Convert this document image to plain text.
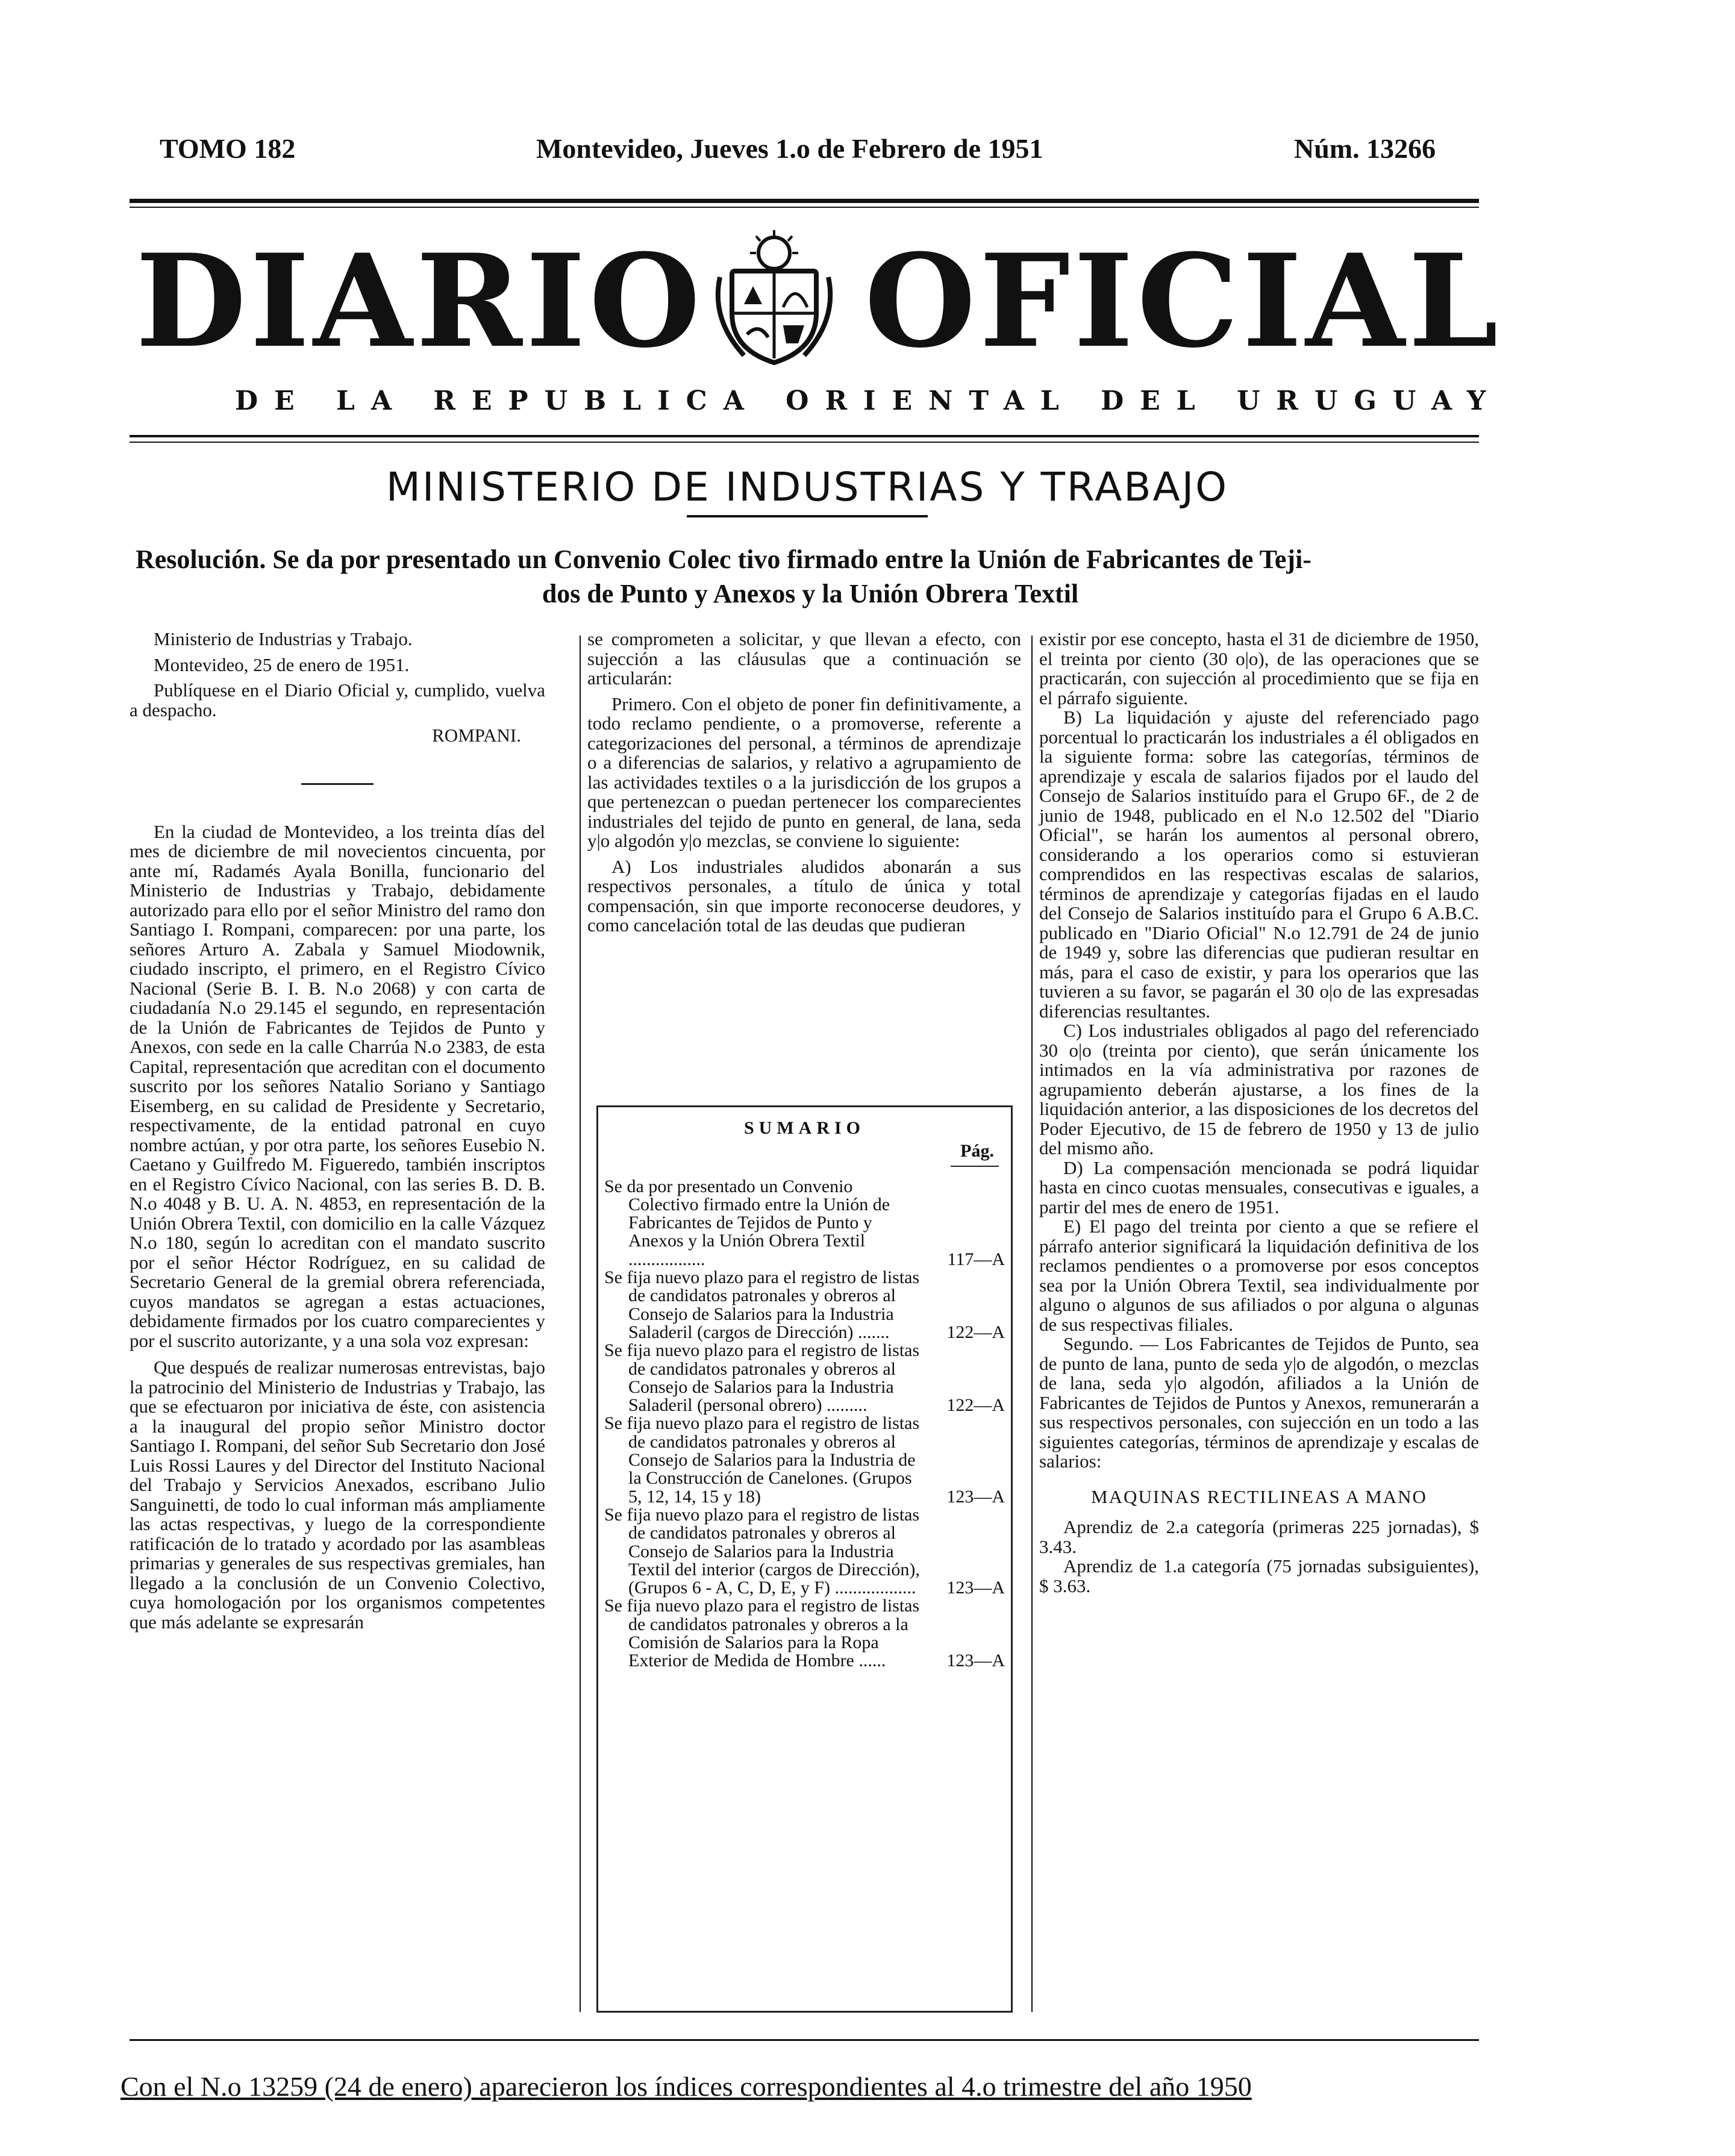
TOMO 182	Montevideo, Jueves 1.o de Febrero de 1951	Núm. 13266
DIARIO OFICIAL
DE LA REPUBLICA ORIENTAL DEL URUGUAY
MINISTERIO DE INDUSTRIAS Y TRABAJO
Resolución. Se da por presentado un Convenio Colec tivo firmado entre la Unión de Fabricantes de Teji-
dos de Punto y Anexos y la Unión Obrera Textil

Ministerio de Industrias y Trabajo.

Montevideo, 25 de enero de 1951.

Publíquese en el Diario Oficial y, cumplido, vuelva a despacho.

ROMPANI.

En la ciudad de Montevideo, a los treinta días del mes de diciembre de mil novecientos cincuenta, por ante mí, Radamés Ayala Bonilla, funcionario del Ministerio de Industrias y Trabajo, debidamente autorizado para ello por el señor Ministro del ramo don Santiago I. Rompani, comparecen: por una parte, los señores Arturo A. Zabala y Samuel Miodownik, ciudado inscripto, el primero, en el Registro Cívico Nacional (Serie B. I. B. N.o 2068) y con carta de ciudadanía N.o 29.145 el segundo, en representación de la Unión de Fabricantes de Tejidos de Punto y Anexos, con sede en la calle Charrúa N.o 2383, de esta Capital, representación que acreditan con el documento suscrito por los señores Natalio Soriano y Santiago Eisemberg, en su calidad de Presidente y Secretario, respectivamente, de la entidad patronal en cuyo nombre actúan, y por otra parte, los señores Eusebio N. Caetano y Guilfredo M. Figueredo, también inscriptos en el Registro Cívico Nacional, con las series B. D. B. N.o 4048 y B. U. A. N. 4853, en representación de la Unión Obrera Textil, con domicilio en la calle Vázquez N.o 180, según lo acreditan con el mandato suscrito por el señor Héctor Rodríguez, en su calidad de Secretario General de la gremial obrera referenciada, cuyos mandatos se agregan a estas actuaciones, debidamente firmados por los cuatro comparecientes y por el suscrito autorizante, y a una sola voz expresan:

Que después de realizar numerosas entrevistas, bajo la patrocinio del Ministerio de Industrias y Trabajo, las que se efectuaron por iniciativa de éste, con asistencia a la inaugural del propio señor Ministro doctor Santiago I. Rompani, del señor Sub Secretario don José Luis Rossi Laures y del Director del Instituto Nacional del Trabajo y Servicios Anexados, escribano Julio Sanguinetti, de todo lo cual informan más ampliamente las actas respectivas, y luego de la correspondiente ratificación de lo tratado y acordado por las asambleas primarias y generales de sus respectivas gremiales, han llegado a la conclusión de un Convenio Colectivo, cuya homologación por los organismos competentes que más adelante se expresarán

se comprometen a solicitar, y que llevan a efecto, con sujección a las cláusulas que a continuación se articularán:

Primero. Con el objeto de poner fin definitivamente, a todo reclamo pendiente, o a promoverse, referente a categorizaciones del personal, a términos de aprendizaje o a diferencias de salarios, y relativo a agrupamiento de las actividades textiles o a la jurisdicción de los grupos a que pertenezcan o puedan pertenecer los comparecientes industriales del tejido de punto en general, de lana, seda y|o algodón y|o mezclas, se conviene lo siguiente:

A) Los industriales aludidos abonarán a sus respectivos personales, a título de única y total compensación, sin que importe reconocerse deudores, y como cancelación total de las deudas que pudieran

SUMARIO
Pág.
Se da por presentado un Convenio Colectivo firmado entre la Unión de Fabricantes de Tejidos de Punto y Anexos y la Unión Obrera Textil .................	117—A
Se fija nuevo plazo para el registro de listas de candidatos patronales y obreros al Consejo de Salarios para la Industria Saladeril (cargos de Dirección) .......	122—A
Se fija nuevo plazo para el registro de listas de candidatos patronales y obreros al Consejo de Salarios para la Industria Saladeril (personal obrero) .........	122—A
Se fija nuevo plazo para el registro de listas de candidatos patronales y obreros al Consejo de Salarios para la Industria de la Construcción de Canelones. (Grupos 5, 12, 14, 15 y 18)	123—A
Se fija nuevo plazo para el registro de listas de candidatos patronales y obreros al Consejo de Salarios para la Industria Textil del interior (cargos de Dirección), (Grupos 6 - A, C, D, E, y F) ..................	123—A
Se fija nuevo plazo para el registro de listas de candidatos patronales y obreros a la Comisión de Salarios para la Ropa Exterior de Medida de Hombre ......	123—A

existir por ese concepto, hasta el 31 de diciembre de 1950, el treinta por ciento (30 o|o), de las operaciones que se practicarán, con sujección al procedimiento que se fija en el párrafo siguiente.

B) La liquidación y ajuste del referenciado pago porcentual lo practicarán los industriales a él obligados en la siguiente forma: sobre las categorías, términos de aprendizaje y escala de salarios fijados por el laudo del Consejo de Salarios instituído para el Grupo 6F., de 2 de junio de 1948, publicado en el N.o 12.502 del "Diario Oficial", se harán los aumentos al personal obrero, considerando a los operarios como si estuvieran comprendidos en las respectivas escalas de salarios, términos de aprendizaje y categorías fijadas en el laudo del Consejo de Salarios instituído para el Grupo 6 A.B.C. publicado en "Diario Oficial" N.o 12.791 de 24 de junio de 1949 y, sobre las diferencias que pudieran resultar en más, para el caso de existir, y para los operarios que las tuvieren a su favor, se pagarán el 30 o|o de las expresadas diferencias resultantes.

C) Los industriales obligados al pago del referenciado 30 o|o (treinta por ciento), que serán únicamente los intimados en la vía administrativa por razones de agrupamiento deberán ajustarse, a los fines de la liquidación anterior, a las disposiciones de los decretos del Poder Ejecutivo, de 15 de febrero de 1950 y 13 de julio del mismo año.

D) La compensación mencionada se podrá liquidar hasta en cinco cuotas mensuales, consecutivas e iguales, a partir del mes de enero de 1951.

E) El pago del treinta por ciento a que se refiere el párrafo anterior significará la liquidación definitiva de los reclamos pendientes o a promoverse por esos conceptos sea por la Unión Obrera Textil, sea individualmente por alguno o algunos de sus afiliados o por alguna o algunas de sus respectivas filiales.

Segundo. — Los Fabricantes de Tejidos de Punto, sea de punto de lana, punto de seda y|o de algodón, o mezclas de lana, seda y|o algodón, afiliados a la Unión de Fabricantes de Tejidos de Puntos y Anexos, remunerarán a sus respectivos personales, con sujección en un todo a las siguientes categorías, términos de aprendizaje y escalas de salarios:

MAQUINAS RECTILINEAS A MANO

Aprendiz de 2.a categoría (primeras 225 jornadas), $ 3.43.

Aprendiz de 1.a categoría (75 jornadas subsiguientes), $ 3.63.

Con el N.o 13259 (24 de enero) aparecieron los índices correspondientes al 4.o trimestre del año 1950
